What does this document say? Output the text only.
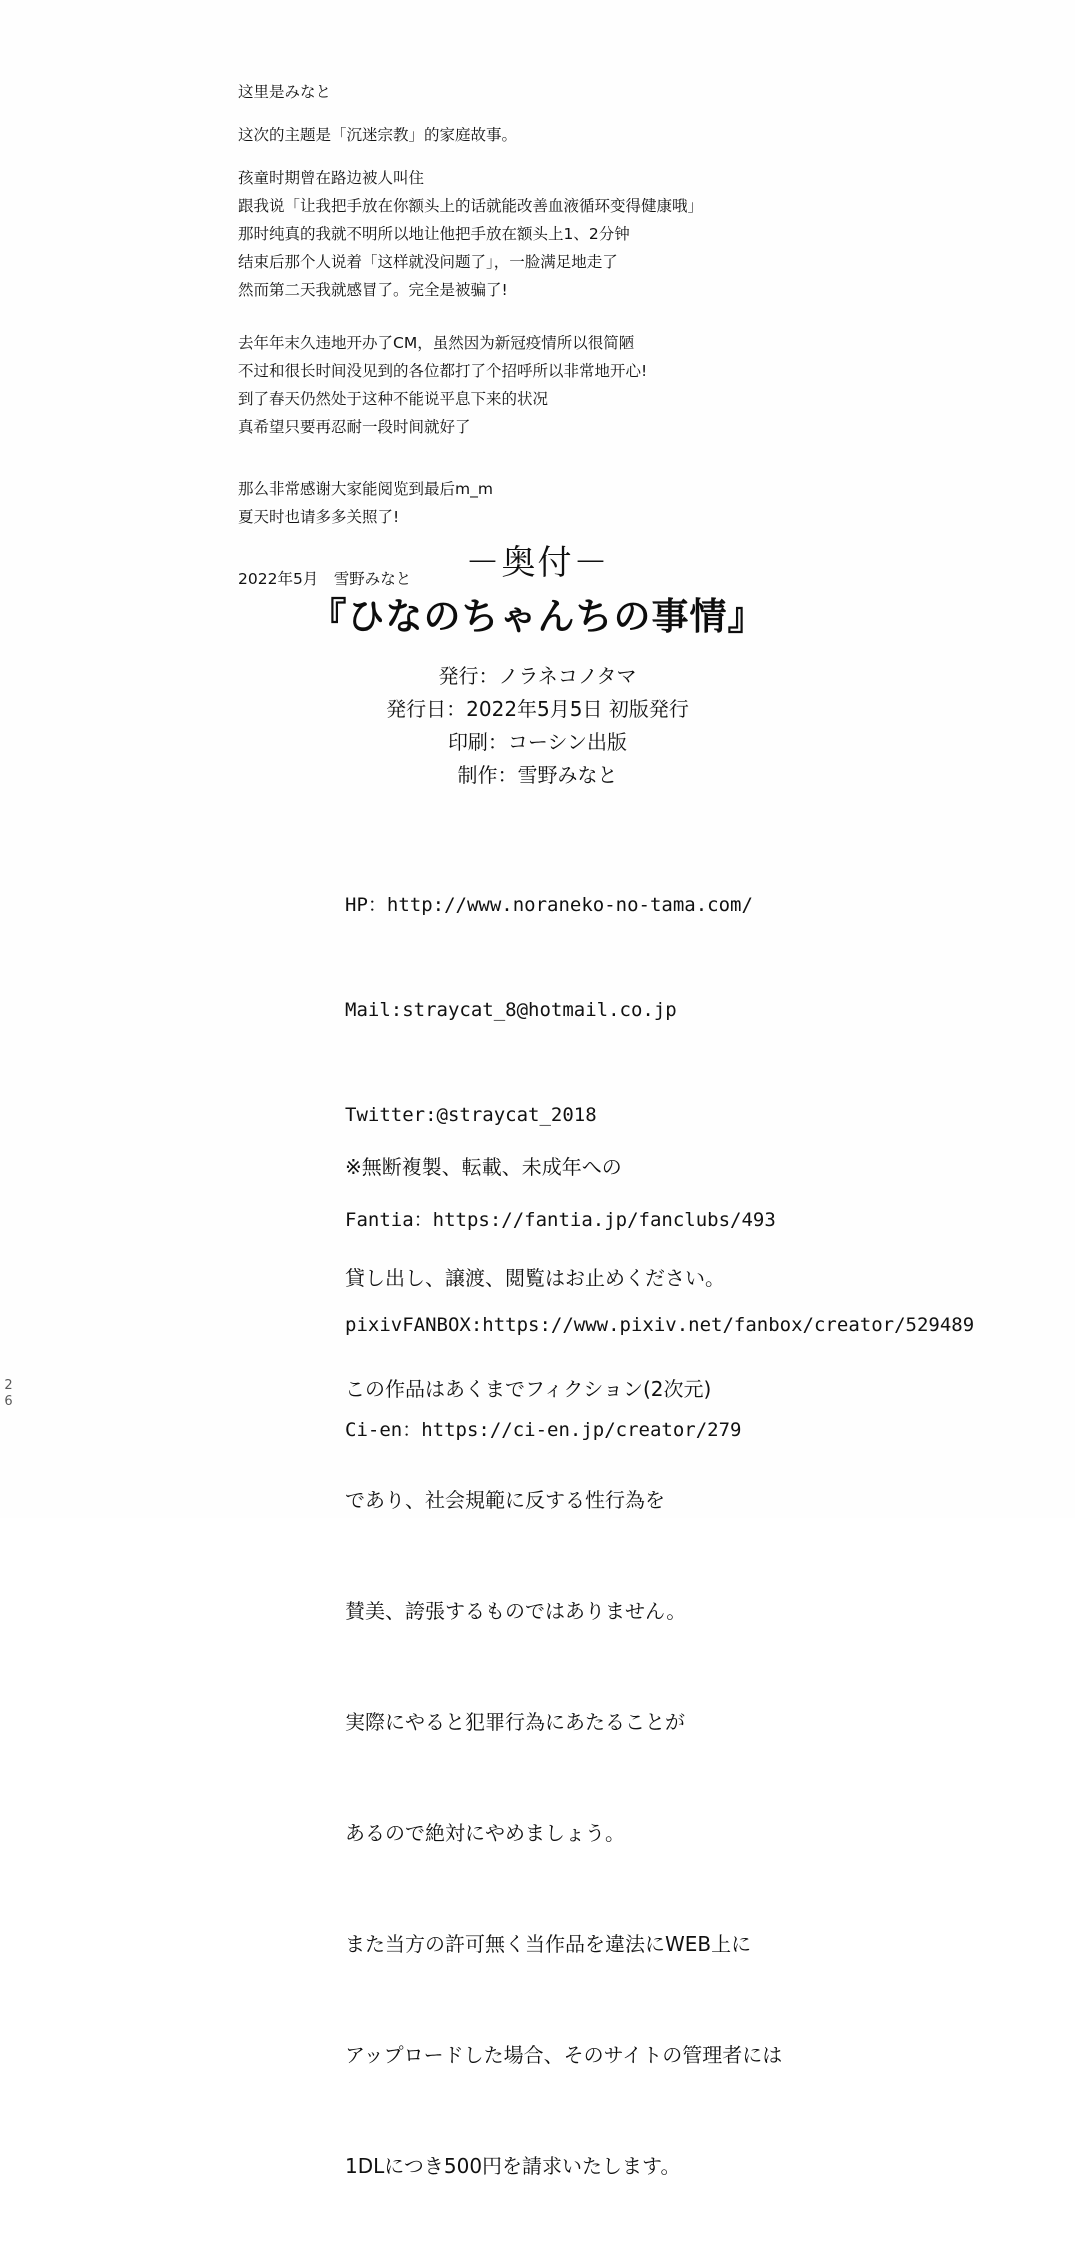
26
这里是みなと
这次的主题是「沉迷宗教」的家庭故事。
孩童时期曾在路边被人叫住
跟我说「让我把手放在你额头上的话就能改善血液循环变得健康哦」
那时纯真的我就不明所以地让他把手放在额头上1、2分钟
结束后那个人说着「这样就没问题了」，一脸满足地走了
然而第二天我就感冒了。完全是被骗了!
去年年末久违地开办了CM，虽然因为新冠疫情所以很简陋
不过和很长时间没见到的各位都打了个招呼所以非常地开心!
到了春天仍然处于这种不能说平息下来的状况
真希望只要再忍耐一段时间就好了
那么非常感谢大家能阅览到最后m_m
夏天时也请多多关照了!
2022年5月　雪野みなと	－奥付－
『ひなのちゃんちの事情』
発行：ノラネコノタマ
発行日：2022年5月5日 初版発行
印刷：コーシン出版
制作：雪野みなと

HP：http://www.noraneko-no-tama.com/

Mail:straycat_8@hotmail.co.jp

Twitter:@straycat_2018

Fantia：https://fantia.jp/fanclubs/493

pixivFANBOX:https://www.pixiv.net/fanbox/creator/529489

Ci-en：https://ci-en.jp/creator/279

※無断複製、転載、未成年への

貸し出し、譲渡、閲覧はお止めください。

この作品はあくまでフィクション(2次元)

であり、社会規範に反する性行為を

賛美、誇張するものではありません。

実際にやると犯罪行為にあたることが

あるので絶対にやめましょう。

また当方の許可無く当作品を違法にWEB上に

アップロードした場合、そのサイトの管理者には

1DLにつき500円を請求いたします。
